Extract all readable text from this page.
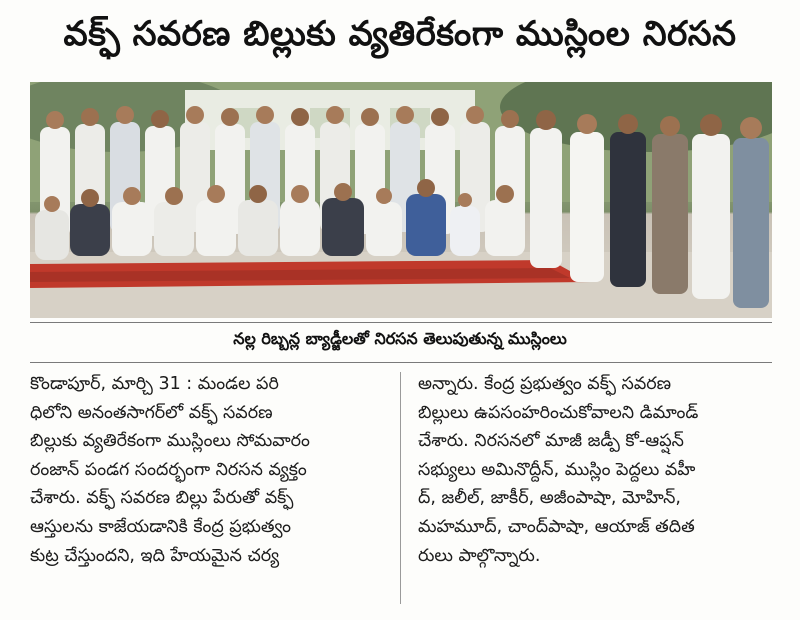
వక్ఫ్ సవరణ బిల్లుకు వ్యతిరేకంగా ముస్లింల నిరసన
నల్ల రిబ్బన్ల బ్యాడ్జీలతో నిరసన తెలుపుతున్న ముస్లింలు
కొండాపూర్, మార్చి 31 : మండల పరి
ధిలోని అనంతసాగర్‌లో వక్ఫ్ సవరణ
బిల్లుకు వ్యతిరేకంగా ముస్లింలు సోమవారం
రంజాన్ పండగ సందర్భంగా నిరసన వ్యక్తం
చేశారు. వక్ఫ్ సవరణ బిల్లు పేరుతో వక్ఫ్
ఆస్తులను కాజేయడానికి కేంద్ర ప్రభుత్వం
కుట్ర చేస్తుందని, ఇది హేయమైన చర్య
అన్నారు. కేంద్ర ప్రభుత్వం వక్ఫ్ సవరణ
బిల్లులు ఉపసంహరించుకోవాలని డిమాండ్
చేశారు. నిరసనలో మాజీ జడ్పీ కో-ఆప్షన్
సభ్యులు అమినొద్దీన్, ముస్లిం పెద్దలు వహీ
ద్, జలీల్, జాకీర్, అజీంపాషా, మోహిన్,
మహమూద్, చాంద్‌పాషా, ఆయాజ్ తదిత
రులు పాల్గొన్నారు.
